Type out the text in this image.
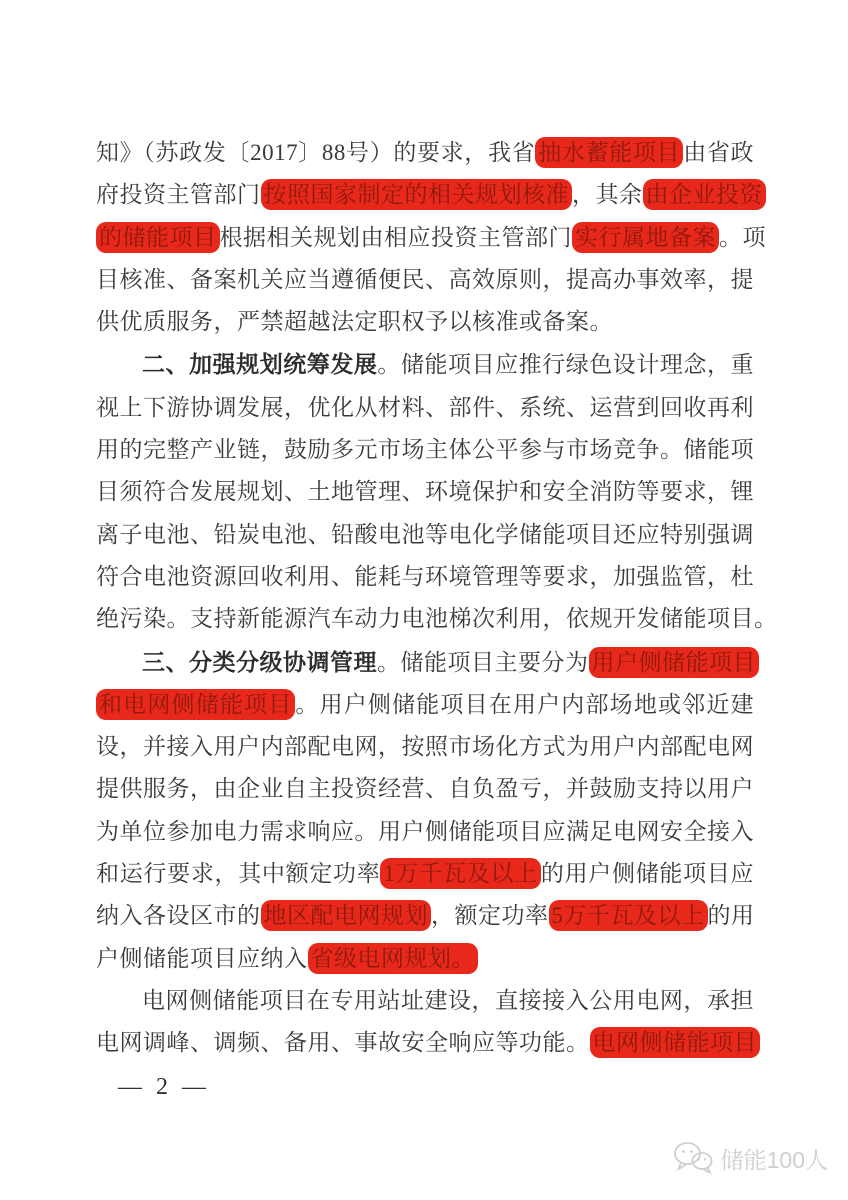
知》（苏政发〔2017〕88号）的要求，我省 抽水蓄能项目 由省政
府投资主管部门 按照国家制定的相关规划核准 ，其余 由企业投资
的储能项目 根据相关规划由相应投资主管部门 实行属地备案 。项
目核准、备案机关应当遵循便民、高效原则，提高办事效率，提
供优质服务，严禁超越法定职权予以核准或备案。
二、加强规划统筹发展。储能项目应推行绿色设计理念，重
视上下游协调发展，优化从材料、部件、系统、运营到回收再利
用的完整产业链，鼓励多元市场主体公平参与市场竞争。储能项
目须符合发展规划、土地管理、环境保护和安全消防等要求，锂
离子电池、铅炭电池、铅酸电池等电化学储能项目还应特别强调
符合电池资源回收利用、能耗与环境管理等要求，加强监管，杜
绝污染。支持新能源汽车动力电池梯次利用，依规开发储能项目。
三、分类分级协调管理。储能项目主要分为 用户侧储能项目
和电网侧储能项目 。用户侧储能项目在用户内部场地或邻近建
设，并接入用户内部配电网，按照市场化方式为用户内部配电网
提供服务，由企业自主投资经营、自负盈亏，并鼓励支持以用户
为单位参加电力需求响应。用户侧储能项目应满足电网安全接入
和运行要求，其中额定功率 1万千瓦及以上 的用户侧储能项目应
纳入各设区市的 地区配电网规划 ，额定功率 5万千瓦及以上 的用
户侧储能项目应纳入 省级电网规划。
电网侧储能项目在专用站址建设，直接接入公用电网，承担
电网调峰、调频、备用、事故安全响应等功能。 电网侧储能项目
— 2 —
储能100人
